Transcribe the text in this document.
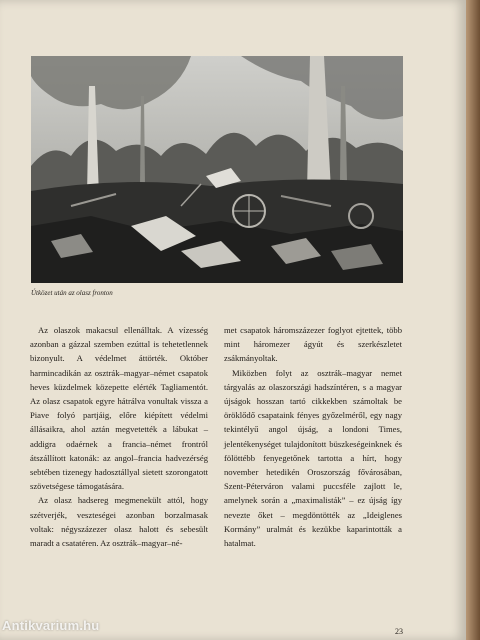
Útközet után az olasz fronton

Az olaszok makacsul ellenálltak. A vízesség azonban a gázzal szemben ezúttal is tehetetlennek bizonyult. A védelmet áttörték. Október harmincadikán az osztrák–magyar–német csapatok heves küzdelmek közepette elérték Tagliamentót. Az olasz csapatok egyre hátrálva vonultak vissza a Piave folyó partjáig, előre kiépített védelmi állásaikra, ahol aztán megvetették a lábukat – addigra odaérnek a francia–német frontról átszállított katonák: az angol–francia hadvezérség sebtében tizenegy hadosztállyal sietett szorongatott szövetségese támogatására.

Az olasz hadsereg megmenekült attól, hogy szétverjék, veszteségei azonban borzalmasak voltak: négyszázezer olasz halott és sebesült maradt a csatatéren. Az osztrák–magyar–né-

met csapatok háromszázezer foglyot ejtettek, több mint háromezer ágyút és szerkészletet zsákmányoltak.

Miközben folyt az osztrák–magyar nemet tárgyalás az olaszországi hadszíntéren, s a magyar újságok hosszan tartó cikkekben számoltak be öröklődő csapataink fényes győzelméről, egy nagy tekintélyű angol újság, a londoni Times, jelentékenységet tulajdonított büszkeségeinknek és fölöttébb fenyegetőnek tartotta a hírt, hogy november hetedikén Oroszország fővárosában, Szent-Péterváron valami puccsféle zajlott le, amelynek során a „maximalisták” – ez újság így nevezte őket – megdöntötték az „Ideiglenes Kormány” uralmát és kezükbe kaparintották a hatalmat.

23
Antikvarium.hu
